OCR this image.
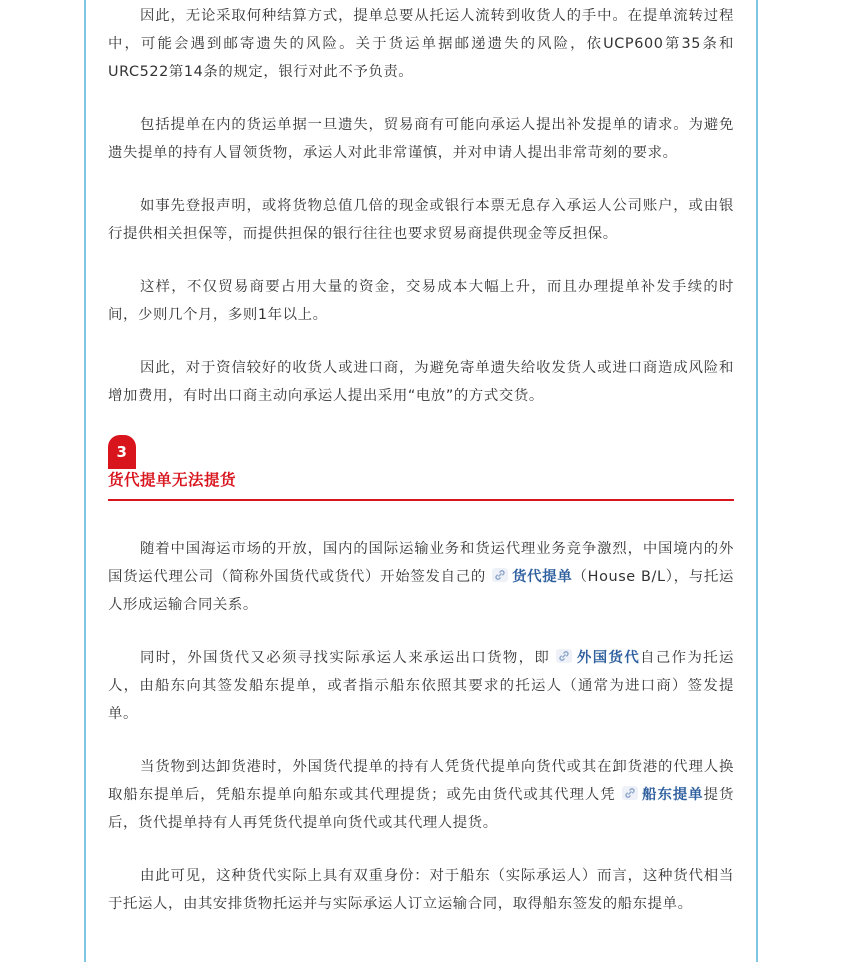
因此，无论采取何种结算方式，提单总要从托运人流转到收货人的手中。在提单流转过程中，可能会遇到邮寄遗失的风险。关于货运单据邮递遗失的风险，依UCP600第35条和URC522第14条的规定，银行对此不予负责。

包括提单在内的货运单据一旦遗失，贸易商有可能向承运人提出补发提单的请求。为避免遗失提单的持有人冒领货物，承运人对此非常谨慎，并对申请人提出非常苛刻的要求。

如事先登报声明，或将货物总值几倍的现金或银行本票无息存入承运人公司账户，或由银行提供相关担保等，而提供担保的银行往往也要求贸易商提供现金等反担保。

这样，不仅贸易商要占用大量的资金，交易成本大幅上升，而且办理提单补发手续的时间，少则几个月，多则1年以上。

因此，对于资信较好的收货人或进口商，为避免寄单遗失给收发货人或进口商造成风险和增加费用，有时出口商主动向承运人提出采用“电放”的方式交货。

3
货代提单无法提货

随着中国海运市场的开放，国内的国际运输业务和货运代理业务竞争激烈，中国境内的外国货运代理公司（简称外国货代或货代）开始签发自己的 货代提单（House B/L），与托运人形成运输合同关系。

同时，外国货代又必须寻找实际承运人来承运出口货物，即 外国货代自己作为托运人，由船东向其签发船东提单，或者指示船东依照其要求的托运人（通常为进口商）签发提单。

当货物到达卸货港时，外国货代提单的持有人凭货代提单向货代或其在卸货港的代理人换取船东提单后，凭船东提单向船东或其代理提货；或先由货代或其代理人凭 船东提单提货后，货代提单持有人再凭货代提单向货代或其代理人提货。

由此可见，这种货代实际上具有双重身份：对于船东（实际承运人）而言，这种货代相当于托运人，由其安排货物托运并与实际承运人订立运输合同，取得船东签发的船东提单。
